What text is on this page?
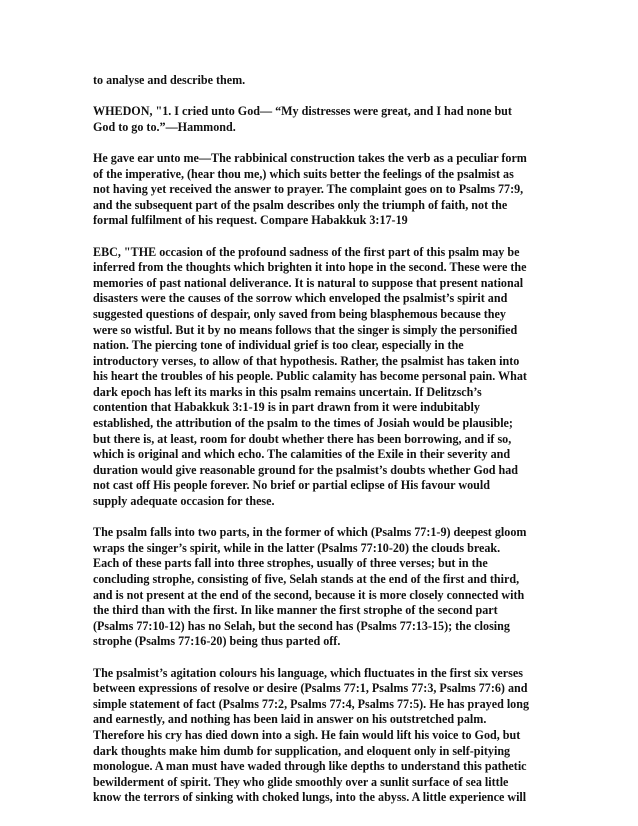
to analyse and describe them.

WHEDON, "1. I cried unto God— “My distresses were great, and I had none but
God to go to.”—Hammond.

He gave ear unto me—The rabbinical construction takes the verb as a peculiar form
of the imperative, (hear thou me,) which suits better the feelings of the psalmist as
not having yet received the answer to prayer. The complaint goes on to Psalms 77:9,
and the subsequent part of the psalm describes only the triumph of faith, not the
formal fulfilment of his request. Compare Habakkuk 3:17-19

EBC, "THE occasion of the profound sadness of the first part of this psalm may be
inferred from the thoughts which brighten it into hope in the second. These were the
memories of past national deliverance. It is natural to suppose that present national
disasters were the causes of the sorrow which enveloped the psalmist’s spirit and
suggested questions of despair, only saved from being blasphemous because they
were so wistful. But it by no means follows that the singer is simply the personified
nation. The piercing tone of individual grief is too clear, especially in the
introductory verses, to allow of that hypothesis. Rather, the psalmist has taken into
his heart the troubles of his people. Public calamity has become personal pain. What
dark epoch has left its marks in this psalm remains uncertain. If Delitzsch’s
contention that Habakkuk 3:1-19 is in part drawn from it were indubitably
established, the attribution of the psalm to the times of Josiah would be plausible;
but there is, at least, room for doubt whether there has been borrowing, and if so,
which is original and which echo. The calamities of the Exile in their severity and
duration would give reasonable ground for the psalmist’s doubts whether God had
not cast off His people forever. No brief or partial eclipse of His favour would
supply adequate occasion for these.

The psalm falls into two parts, in the former of which (Psalms 77:1-9) deepest gloom
wraps the singer’s spirit, while in the latter (Psalms 77:10-20) the clouds break.
Each of these parts fall into three strophes, usually of three verses; but in the
concluding strophe, consisting of five, Selah stands at the end of the first and third,
and is not present at the end of the second, because it is more closely connected with
the third than with the first. In like manner the first strophe of the second part
(Psalms 77:10-12) has no Selah, but the second has (Psalms 77:13-15); the closing
strophe (Psalms 77:16-20) being thus parted off.

The psalmist’s agitation colours his language, which fluctuates in the first six verses
between expressions of resolve or desire (Psalms 77:1, Psalms 77:3, Psalms 77:6) and
simple statement of fact (Psalms 77:2, Psalms 77:4, Psalms 77:5). He has prayed long
and earnestly, and nothing has been laid in answer on his outstretched palm.
Therefore his cry has died down into a sigh. He fain would lift his voice to God, but
dark thoughts make him dumb for supplication, and eloquent only in self-pitying
monologue. A man must have waded through like depths to understand this pathetic
bewilderment of spirit. They who glide smoothly over a sunlit surface of sea little
know the terrors of sinking with choked lungs, into the abyss. A little experience will
